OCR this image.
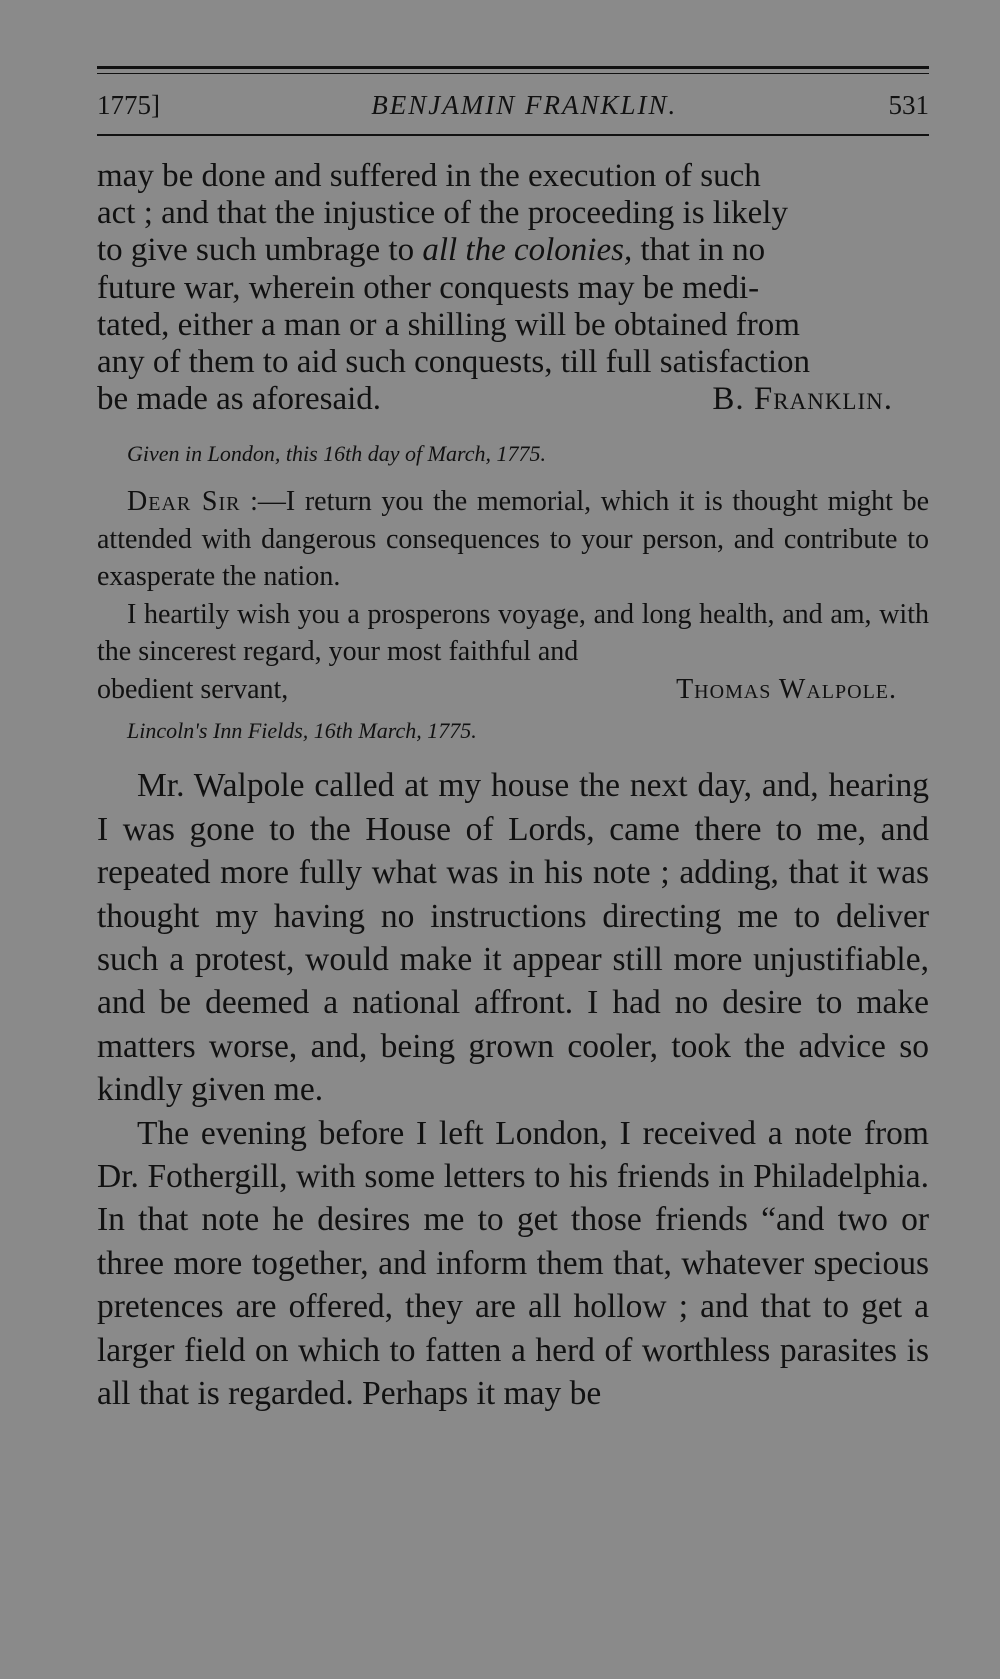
1775]	BENJAMIN FRANKLIN.	531
may be done and suffered in the execution of such
act ; and that the injustice of the proceeding is likely
to give such umbrage to all the colonies, that in no
future war, wherein other conquests may be medi-
tated, either a man or a shilling will be obtained from
any of them to aid such conquests, till full satisfaction
be made as aforesaid.	B. Franklin.
Given in London, this 16th day of March, 1775.

Dear Sir :—I return you the memorial, which it is thought might be attended with dangerous consequences to your person, and contribute to exasperate the nation.

I heartily wish you a prosperons voyage, and long health, and am, with the sincerest regard, your most faithful and

obedient servant,	Thomas Walpole.
Lincoln's Inn Fields, 16th March, 1775.

Mr. Walpole called at my house the next day, and, hearing I was gone to the House of Lords, came there to me, and repeated more fully what was in his note ; adding, that it was thought my having no instructions directing me to deliver such a protest, would make it appear still more unjustifiable, and be deemed a national affront. I had no desire to make matters worse, and, being grown cooler, took the advice so kindly given me.

The evening before I left London, I received a note from Dr. Fothergill, with some letters to his friends in Philadelphia. In that note he desires me to get those friends “and two or three more together, and inform them that, whatever specious pretences are offered, they are all hollow ; and that to get a larger field on which to fatten a herd of worthless parasites is all that is regarded. Perhaps it may be
